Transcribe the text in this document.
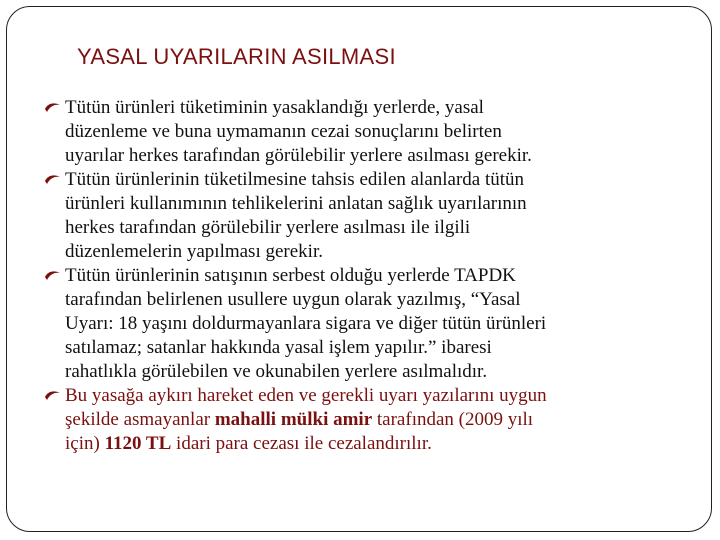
YASAL UYARILARIN ASILMASI
Tütün ürünleri tüketiminin yasaklandığı yerlerde, yasal
düzenleme ve buna uymamanın cezai sonuçlarını belirten
uyarılar herkes tarafından görülebilir yerlere asılması gerekir.
Tütün ürünlerinin tüketilmesine tahsis edilen alanlarda tütün
ürünleri kullanımının tehlikelerini anlatan sağlık uyarılarının
herkes tarafından görülebilir yerlere asılması ile ilgili
düzenlemelerin yapılması gerekir.
Tütün ürünlerinin satışının serbest olduğu yerlerde TAPDK
tarafından belirlenen usullere uygun olarak yazılmış, “Yasal
Uyarı: 18 yaşını doldurmayanlara sigara ve diğer tütün ürünleri
satılamaz; satanlar hakkında yasal işlem yapılır.” ibaresi
rahatlıkla görülebilen ve okunabilen yerlere asılmalıdır.
Bu yasağa aykırı hareket eden ve gerekli uyarı yazılarını uygun
şekilde asmayanlar mahalli mülki amir tarafından (2009 yılı
için) 1120 TL idari para cezası ile cezalandırılır.
